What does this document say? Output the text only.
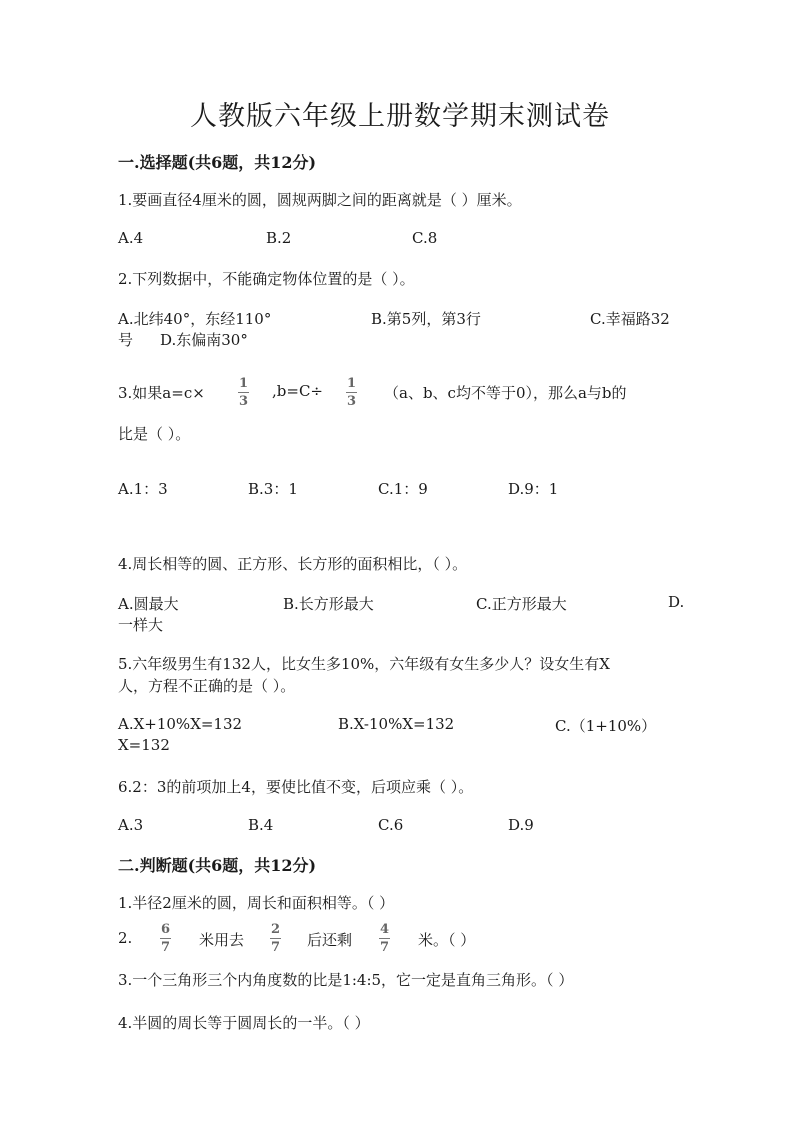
人教版六年级上册数学期末测试卷
一.选择题(共6题，共12分)
1.要画直径4厘米的圆，圆规两脚之间的距离就是（ ）厘米。
A.4	B.2	C.8
2.下列数据中，不能确定物体位置的是（ ）。
A.北纬40°，东经110°	B.第5列，第3行	C.幸福路32
号 D.东偏南30°
3.如果a=c×
1
3
,b=C÷ 1
3 （a、b、c均不等于0），那么a与b的
比是（ ）。
A.1：3	B.3：1	C.1：9	D.9：1
4.周长相等的圆、正方形、长方形的面积相比，（ ）。
A.圆最大	B.长方形最大	C.正方形最大	D.
一样大
5.六年级男生有132人，比女生多10%，六年级有女生多少人？设女生有X
人，方程不正确的是（ ）。
A.X+10%X=132	B.X-10%X=132	C.（1+10%）
X=132
6.2：3的前项加上4，要使比值不变，后项应乘（ ）。
A.3	B.4	C.6	D.9
二.判断题(共6题，共12分)
1.半径2厘米的圆，周长和面积相等。（ ）
2. 6
7 米用去
2
7 后还剩
4
7 米。（ ）
3.一个三角形三个内角度数的比是1:4:5，它一定是直角三角形。（ ）
4.半圆的周长等于圆周长的一半。（ ）
